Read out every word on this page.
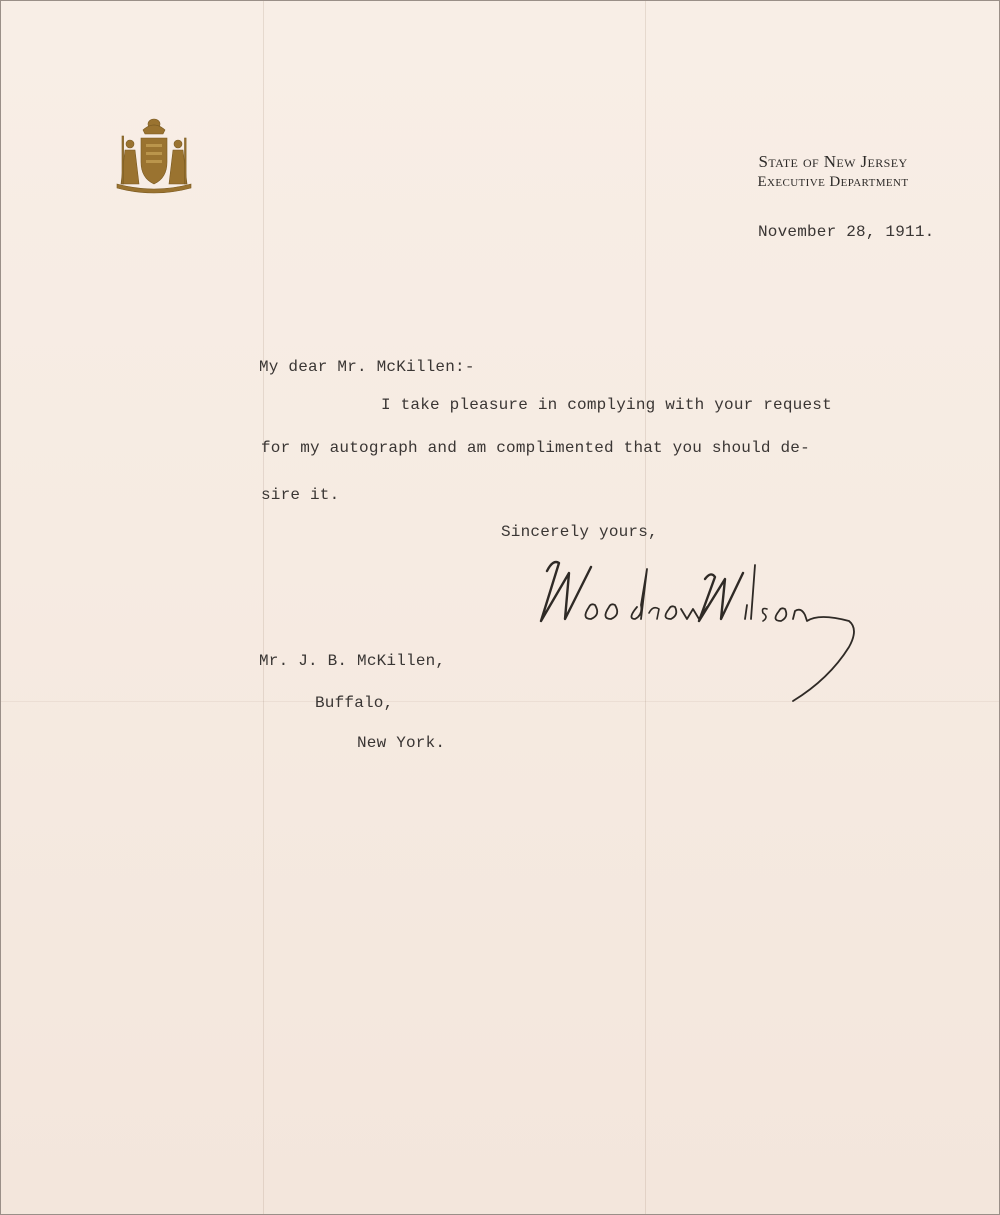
State of New Jersey
Executive Department
November 28, 1911.
My dear Mr. McKillen:-
I take pleasure in complying with your request
for my autograph and am complimented that you should de-
sire it.
Sincerely yours,
Mr. J. B. McKillen,
Buffalo,
New York.
